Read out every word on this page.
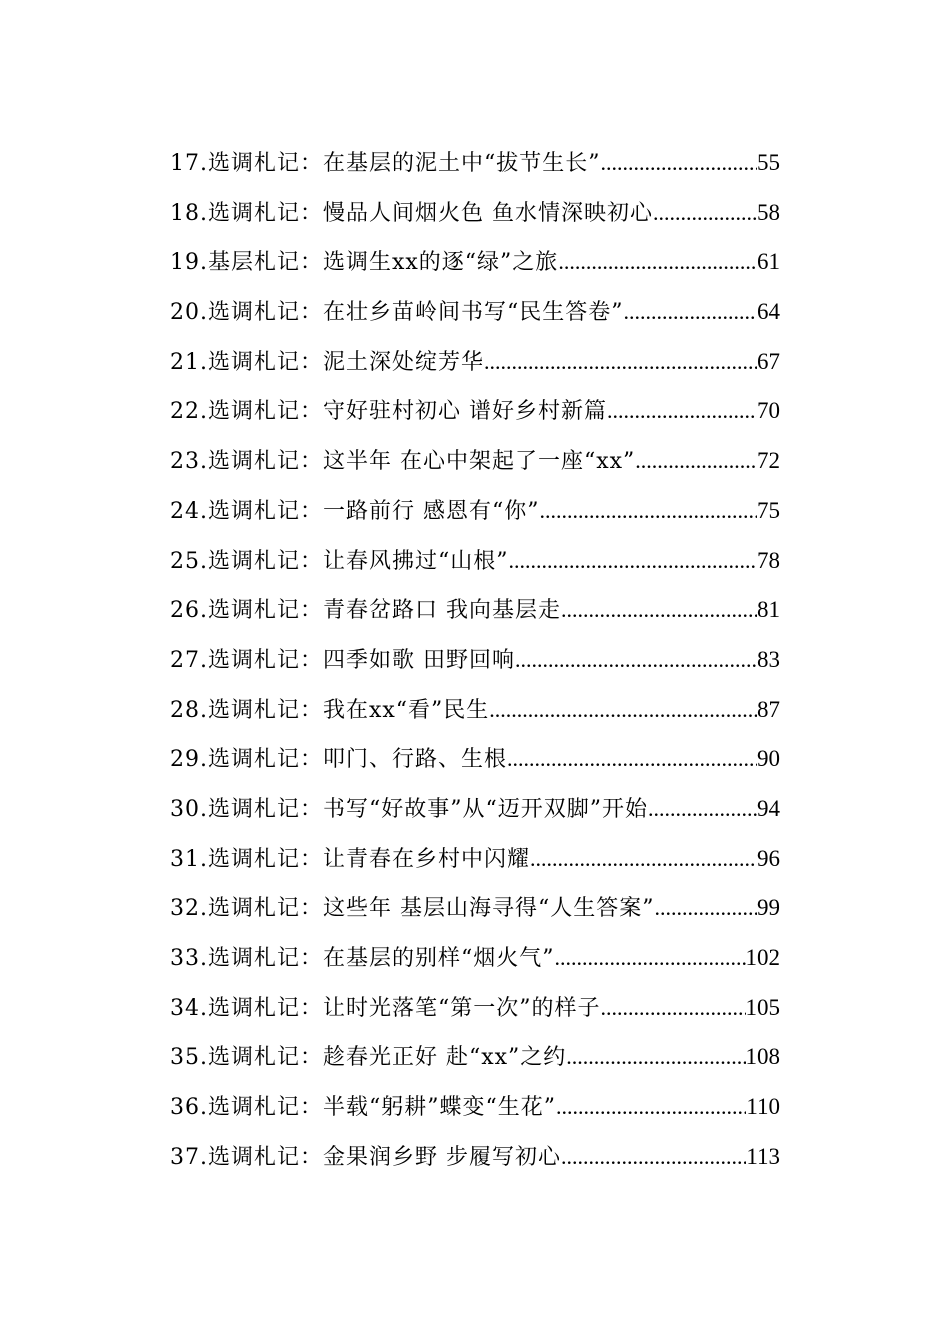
17.选调札记：在基层的泥土中“拔节生长” .....	55
18.选调札记：慢品人间烟火色 鱼水情深映初心 .....	58
19.基层札记：选调生xx的逐“绿”之旅 .....	61
20.选调札记：在壮乡苗岭间书写“民生答卷” .....	64
21.选调札记：泥土深处绽芳华 .....	67
22.选调札记：守好驻村初心 谱好乡村新篇 .....	70
23.选调札记：这半年 在心中架起了一座“xx” .....	72
24.选调札记：一路前行 感恩有“你” .....	75
25.选调札记：让春风拂过“山根” .....	78
26.选调札记：青春岔路口 我向基层走 .....	81
27.选调札记：四季如歌 田野回响 .....	83
28.选调札记：我在xx“看”民生 .....	87
29.选调札记：叩门、行路、生根 .....	90
30.选调札记：书写“好故事”从“迈开双脚”开始 .....	94
31.选调札记：让青春在乡村中闪耀 .....	96
32.选调札记：这些年 基层山海寻得“人生答案” .....	99
33.选调札记：在基层的别样“烟火气” .....	102
34.选调札记：让时光落笔“第一次”的样子 .....	105
35.选调札记：趁春光正好 赴“xx”之约 .....	108
36.选调札记：半载“躬耕”蝶变“生花” .....	110
37.选调札记：金果润乡野 步履写初心 .....	113
